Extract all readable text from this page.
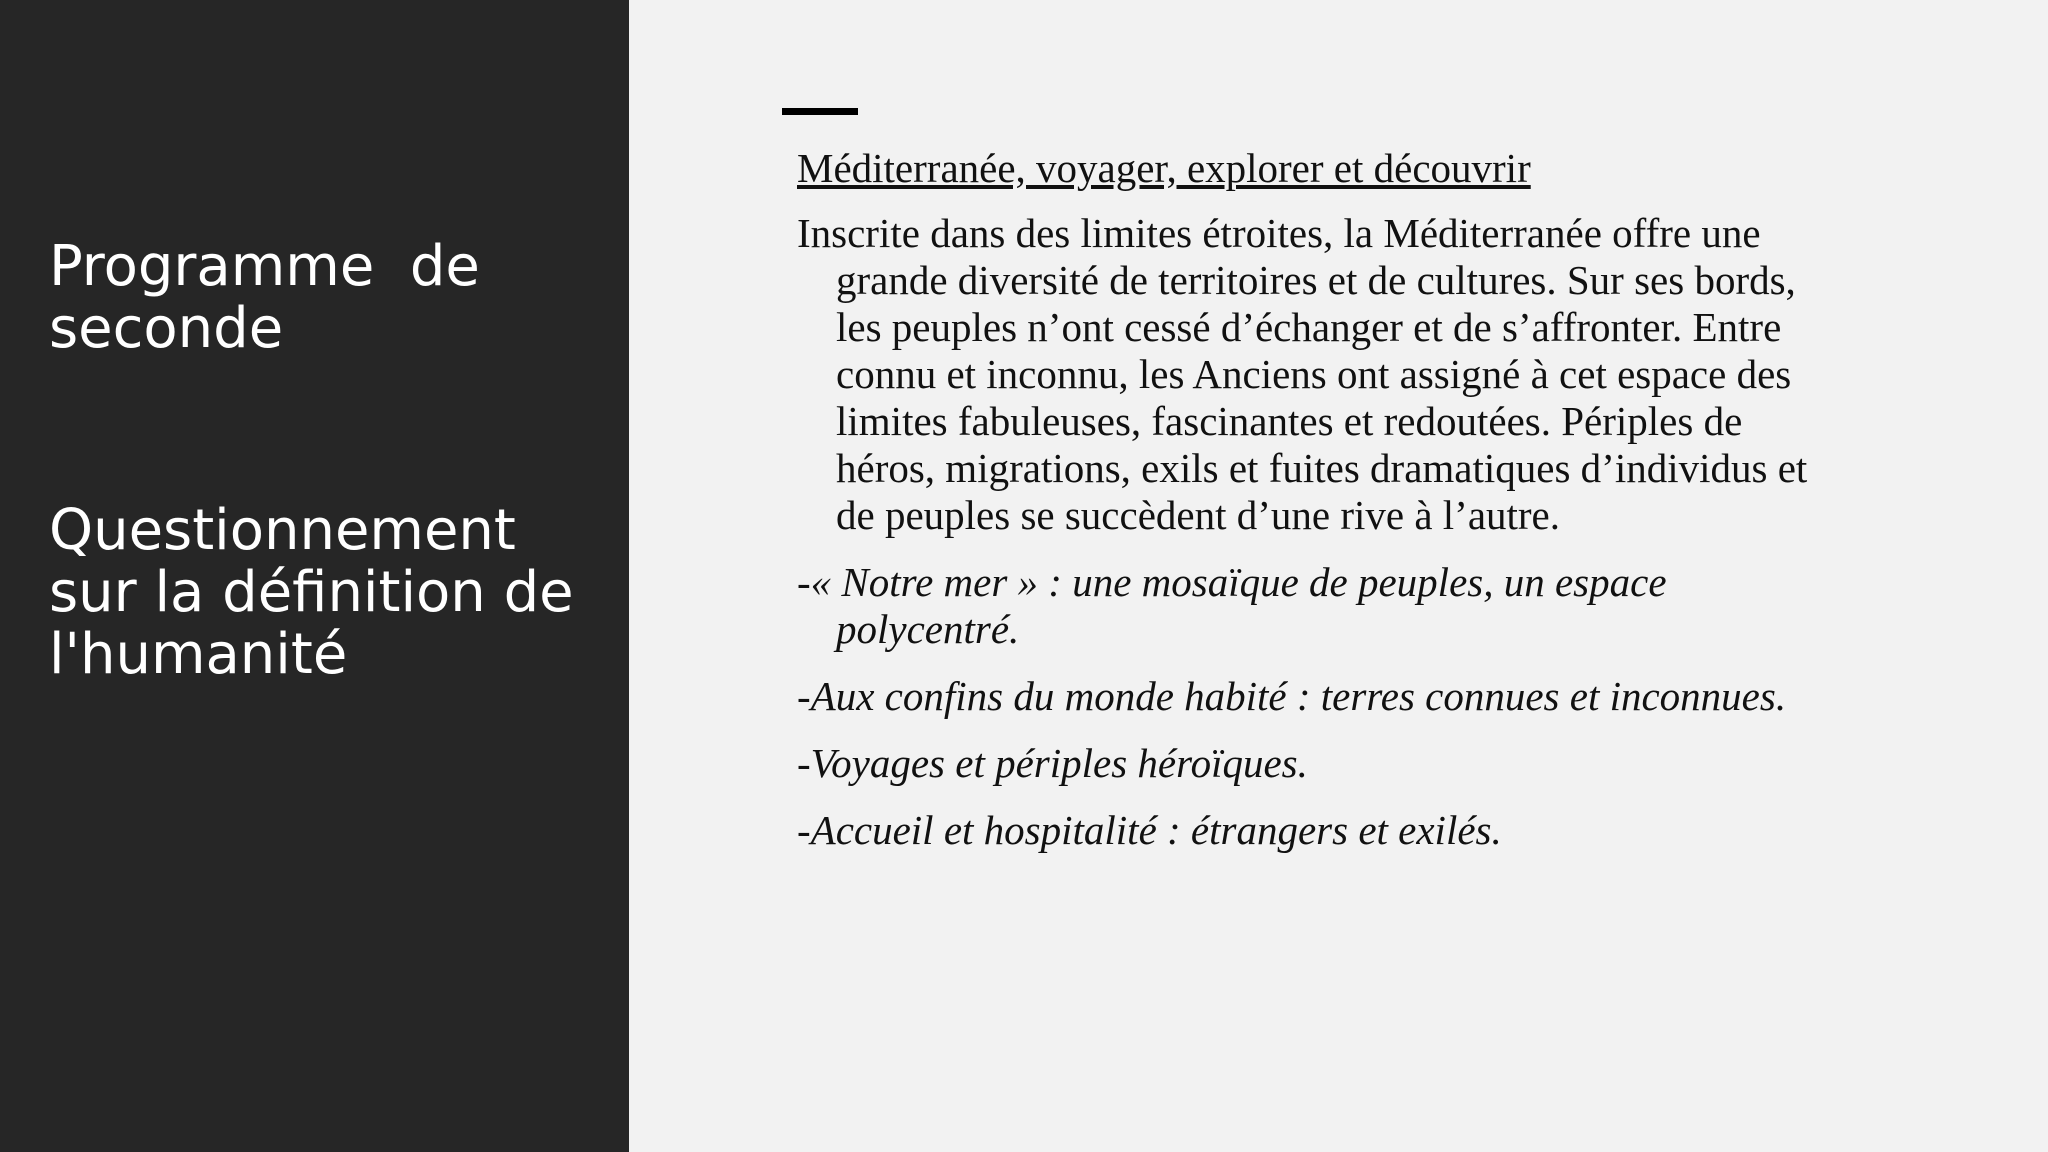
Programme  de seconde

Questionnement sur la définition de l'humanité

Méditerranée, voyager, explorer et découvrir

Inscrite dans des limites étroites, la Méditerranée offre une grande diversité de territoires et de cultures. Sur ses bords, les peuples n’ont cessé d’échanger et de s’affronter. Entre connu et inconnu, les Anciens ont assigné à cet espace des limites fabuleuses, fascinantes et redoutées. Périples de héros, migrations, exils et fuites dramatiques d’individus et de peuples se succèdent d’une rive à l’autre.

-« Notre mer » : une mosaïque de peuples, un espace polycentré.

-Aux confins du monde habité : terres connues et inconnues.

-Voyages et périples héroïques.

-Accueil et hospitalité : étrangers et exilés.
